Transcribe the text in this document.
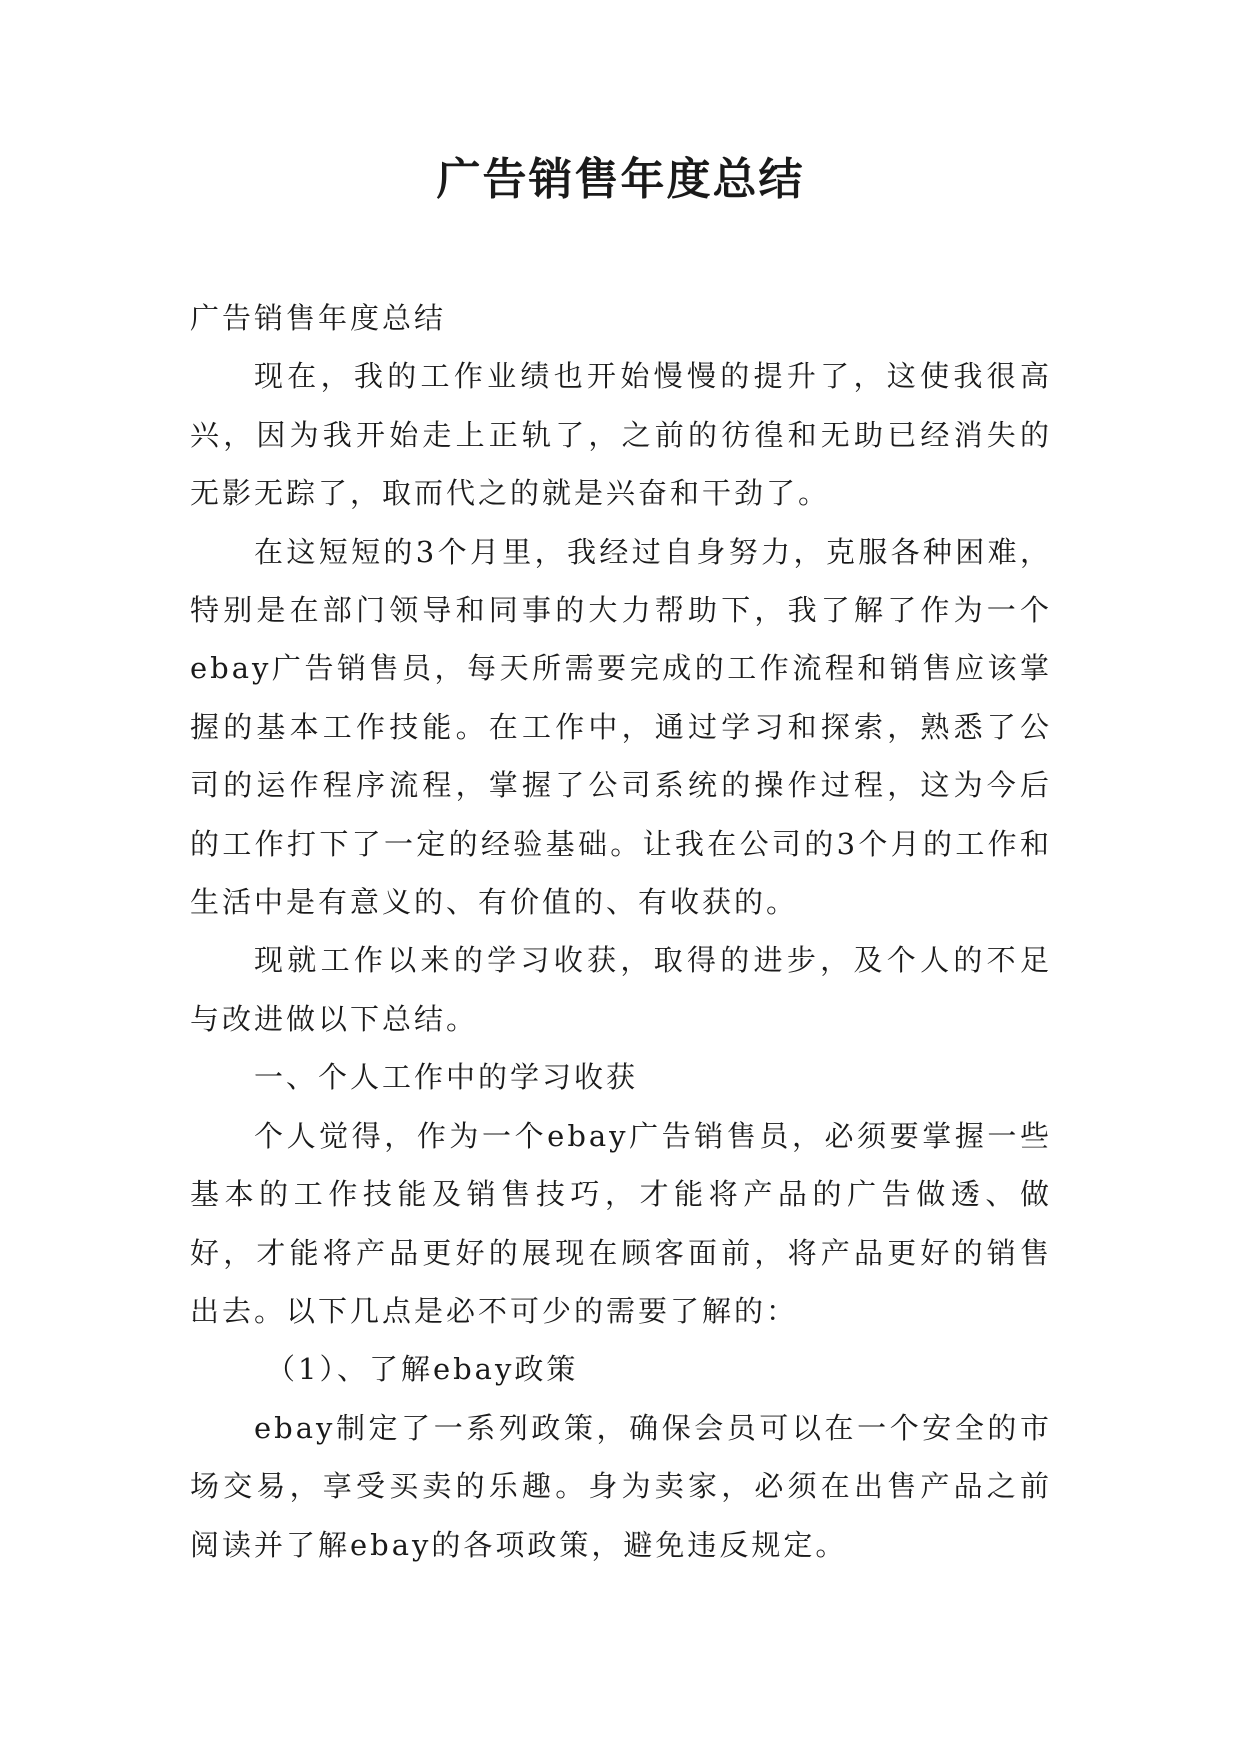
广告销售年度总结

广告销售年度总结

现在，我的工作业绩也开始慢慢的提升了，这使我很高兴，因为我开始走上正轨了，之前的彷徨和无助已经消失的无影无踪了，取而代之的就是兴奋和干劲了。

在这短短的3个月里，我经过自身努力，克服各种困难，特别是在部门领导和同事的大力帮助下，我了解了作为一个ebay广告销售员，每天所需要完成的工作流程和销售应该掌握的基本工作技能。在工作中，通过学习和探索，熟悉了公司的运作程序流程，掌握了公司系统的操作过程，这为今后的工作打下了一定的经验基础。让我在公司的3个月的工作和生活中是有意义的、有价值的、有收获的。

现就工作以来的学习收获，取得的进步，及个人的不足与改进做以下总结。

一、个人工作中的学习收获

个人觉得，作为一个ebay广告销售员，必须要掌握一些基本的工作技能及销售技巧，才能将产品的广告做透、做好，才能将产品更好的展现在顾客面前，将产品更好的销售出去。以下几点是必不可少的需要了解的：

（1）、了解ebay政策

ebay制定了一系列政策，确保会员可以在一个安全的市场交易，享受买卖的乐趣。身为卖家，必须在出售产品之前阅读并了解ebay的各项政策，避免违反规定。
